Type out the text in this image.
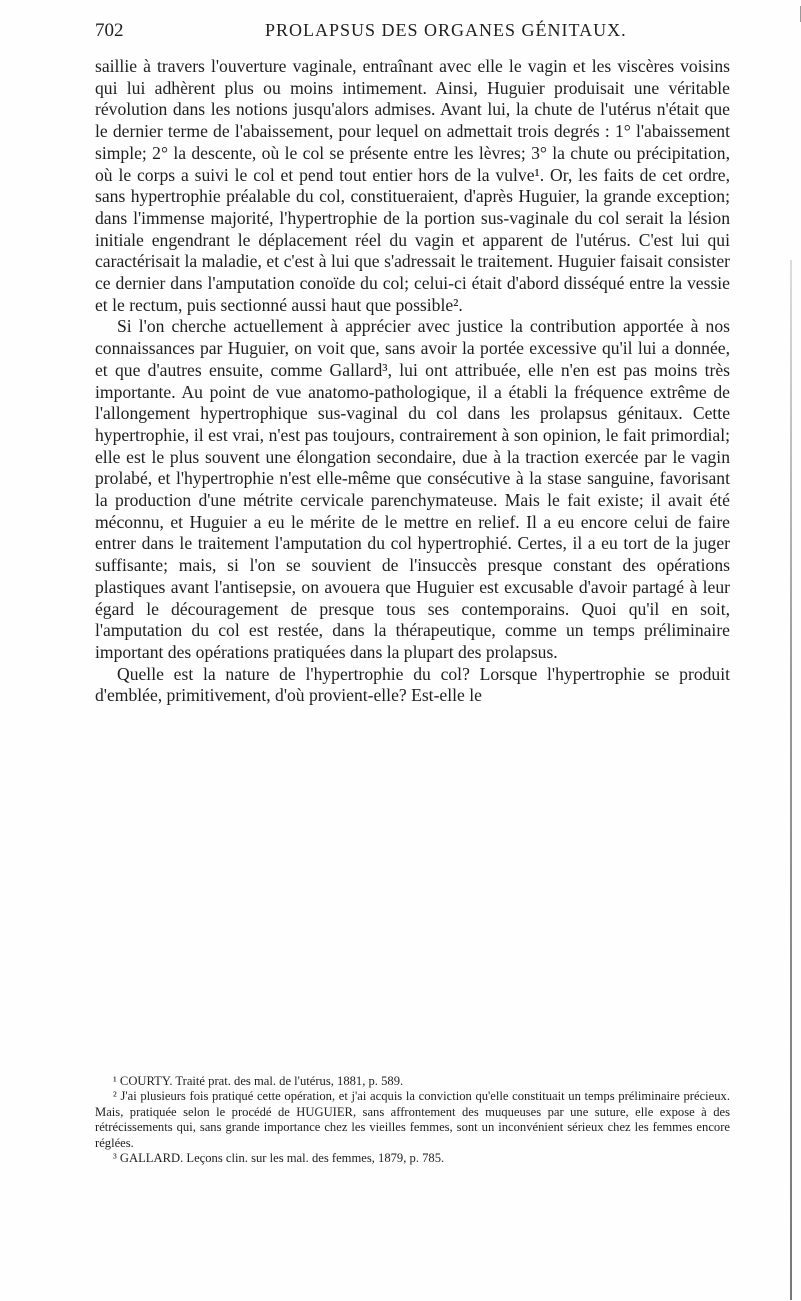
702	PROLAPSUS DES ORGANES GÉNITAUX.

saillie à travers l'ouverture vaginale, entraînant avec elle le vagin et les viscères voisins qui lui adhèrent plus ou moins intimement. Ainsi, Huguier produisait une véritable révolution dans les notions jusqu'alors admises. Avant lui, la chute de l'utérus n'était que le dernier terme de l'abaissement, pour lequel on admettait trois degrés : 1° l'abaissement simple; 2° la descente, où le col se présente entre les lèvres; 3° la chute ou précipitation, où le corps a suivi le col et pend tout entier hors de la vulve¹. Or, les faits de cet ordre, sans hypertrophie préalable du col, constitueraient, d'après Huguier, la grande exception; dans l'immense majorité, l'hypertrophie de la portion sus-vaginale du col serait la lésion initiale engendrant le déplacement réel du vagin et apparent de l'utérus. C'est lui qui caractérisait la maladie, et c'est à lui que s'adressait le traitement. Huguier faisait consister ce dernier dans l'amputation conoïde du col; celui-ci était d'abord disséqué entre la vessie et le rectum, puis sectionné aussi haut que possible².

Si l'on cherche actuellement à apprécier avec justice la contribution apportée à nos connaissances par Huguier, on voit que, sans avoir la portée excessive qu'il lui a donnée, et que d'autres ensuite, comme Gallard³, lui ont attribuée, elle n'en est pas moins très importante. Au point de vue anatomo-pathologique, il a établi la fréquence extrême de l'allongement hypertrophique sus-vaginal du col dans les prolapsus génitaux. Cette hypertrophie, il est vrai, n'est pas toujours, contrairement à son opinion, le fait primordial; elle est le plus souvent une élongation secondaire, due à la traction exercée par le vagin prolabé, et l'hypertrophie n'est elle-même que consécutive à la stase sanguine, favorisant la production d'une métrite cervicale parenchymateuse. Mais le fait existe; il avait été méconnu, et Huguier a eu le mérite de le mettre en relief. Il a eu encore celui de faire entrer dans le traitement l'amputation du col hypertrophié. Certes, il a eu tort de la juger suffisante; mais, si l'on se souvient de l'insuccès presque constant des opérations plastiques avant l'antisepsie, on avouera que Huguier est excusable d'avoir partagé à leur égard le découragement de presque tous ses contemporains. Quoi qu'il en soit, l'amputation du col est restée, dans la thérapeutique, comme un temps préliminaire important des opérations pratiquées dans la plupart des prolapsus.

Quelle est la nature de l'hypertrophie du col? Lorsque l'hypertrophie se produit d'emblée, primitivement, d'où provient-elle? Est-elle le

¹ COURTY. Traité prat. des mal. de l'utérus, 1881, p. 589.

² J'ai plusieurs fois pratiqué cette opération, et j'ai acquis la conviction qu'elle constituait un temps préliminaire précieux. Mais, pratiquée selon le procédé de HUGUIER, sans affrontement des muqueuses par une suture, elle expose à des rétrécissements qui, sans grande importance chez les vieilles femmes, sont un inconvénient sérieux chez les femmes encore réglées.

³ GALLARD. Leçons clin. sur les mal. des femmes, 1879, p. 785.
